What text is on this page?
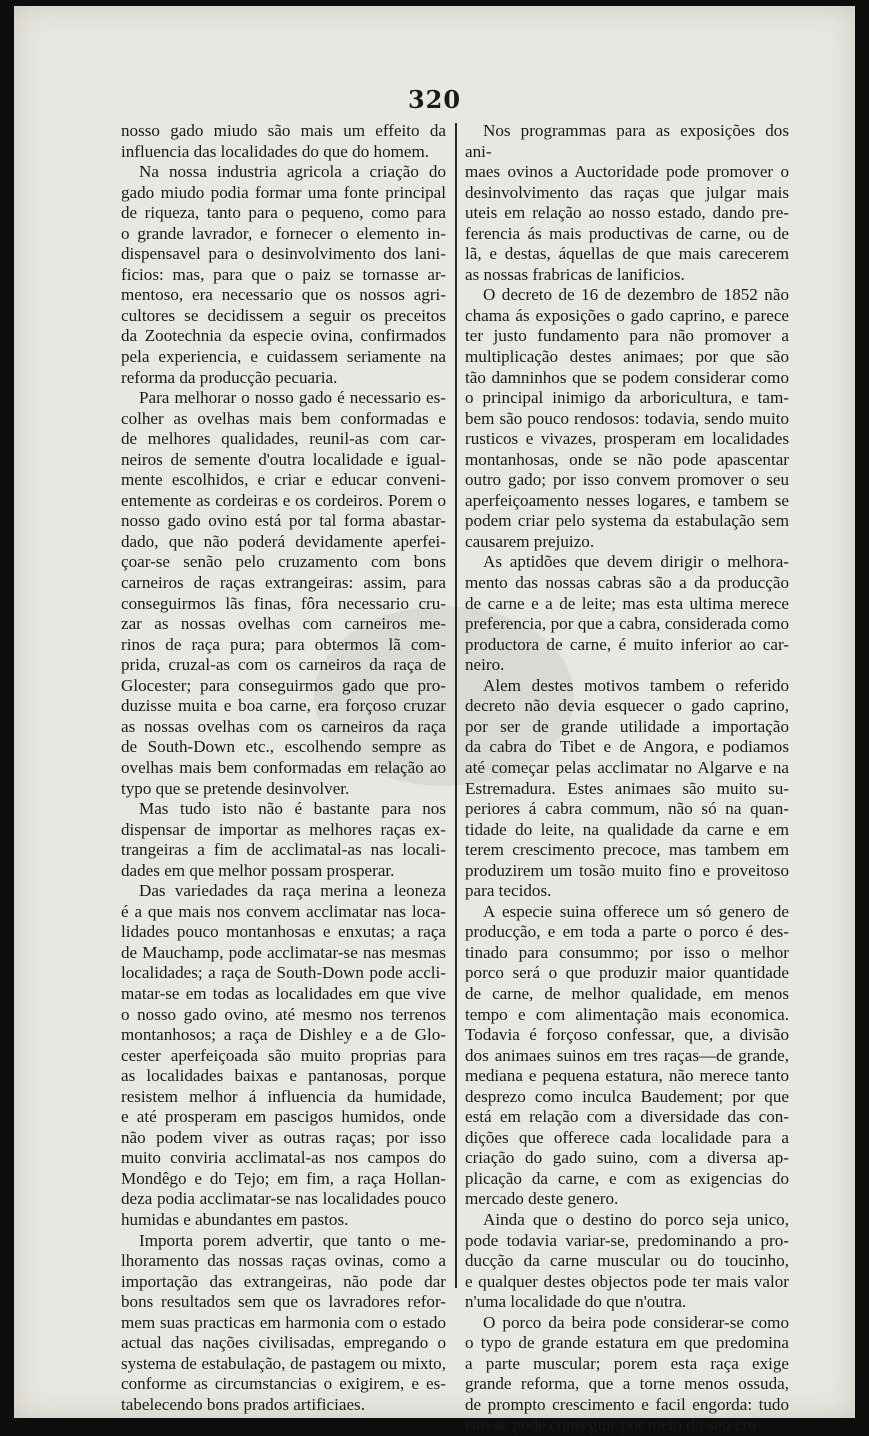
320
nosso gado miudo são mais um effeito da
influencia das localidades do que do homem.
Na nossa industria agricola a criação do
gado miudo podia formar uma fonte principal
de riqueza, tanto para o pequeno, como para
o grande lavrador, e fornecer o elemento in-
dispensavel para o desinvolvimento dos lani-
ficios: mas, para que o paiz se tornasse ar-
mentoso, era necessario que os nossos agri-
cultores se decidissem a seguir os preceitos
da Zootechnia da especie ovina, confirmados
pela experiencia, e cuidassem seriamente na
reforma da producção pecuaria.
Para melhorar o nosso gado é necessario es-
colher as ovelhas mais bem conformadas e
de melhores qualidades, reunil-as com car-
neiros de semente d'outra localidade e igual-
mente escolhidos, e criar e educar conveni-
entemente as cordeiras e os cordeiros. Porem o
nosso gado ovino está por tal forma abastar-
dado, que não poderá devidamente aperfei-
çoar-se senão pelo cruzamento com bons
carneiros de raças extrangeiras: assim, para
conseguirmos lãs finas, fôra necessario cru-
zar as nossas ovelhas com carneiros me-
rinos de raça pura; para obtermos lã com-
prida, cruzal-as com os carneiros da raça de
Glocester; para conseguirmos gado que pro-
duzisse muita e boa carne, era forçoso cruzar
as nossas ovelhas com os carneiros da raça
de South-Down etc., escolhendo sempre as
ovelhas mais bem conformadas em relação ao
typo que se pretende desinvolver.
Mas tudo isto não é bastante para nos
dispensar de importar as melhores raças ex-
trangeiras a fim de acclimatal-as nas locali-
dades em que melhor possam prosperar.
Das variedades da raça merina a leoneza
é a que mais nos convem acclimatar nas loca-
lidades pouco montanhosas e enxutas; a raça
de Mauchamp, pode acclimatar-se nas mesmas
localidades; a raça de South-Down pode accli-
matar-se em todas as localidades em que vive
o nosso gado ovino, até mesmo nos terrenos
montanhosos; a raça de Dishley e a de Glo-
cester aperfeiçoada são muito proprias para
as localidades baixas e pantanosas, porque
resistem melhor á influencia da humidade,
e até prosperam em pascigos humidos, onde
não podem viver as outras raças; por isso
muito conviria acclimatal-as nos campos do
Mondêgo e do Tejo; em fim, a raça Hollan-
deza podia acclimatar-se nas localidades pouco
humidas e abundantes em pastos.
Importa porem advertir, que tanto o me-
lhoramento das nossas raças ovinas, como a
importação das extrangeiras, não pode dar
bons resultados sem que os lavradores refor-
mem suas practicas em harmonia com o estado
actual das nações civilisadas, empregando o
systema de estabulação, de pastagem ou mixto,
conforme as circumstancias o exigirem, e es-
tabelecendo bons prados artificiaes.
Nos programmas para as exposições dos ani-
maes ovinos a Auctoridade pode promover o
desinvolvimento das raças que julgar mais
uteis em relação ao nosso estado, dando pre-
ferencia ás mais productivas de carne, ou de
lã, e destas, áquellas de que mais carecerem
as nossas frabricas de lanificios.
O decreto de 16 de dezembro de 1852 não
chama ás exposições o gado caprino, e parece
ter justo fundamento para não promover a
multiplicação destes animaes; por que são
tão damninhos que se podem considerar como
o principal inimigo da arboricultura, e tam-
bem são pouco rendosos: todavia, sendo muito
rusticos e vivazes, prosperam em localidades
montanhosas, onde se não pode apascentar
outro gado; por isso convem promover o seu
aperfeiçoamento nesses logares, e tambem se
podem criar pelo systema da estabulação sem
causarem prejuizo.
As aptidões que devem dirigir o melhora-
mento das nossas cabras são a da producção
de carne e a de leite; mas esta ultima merece
preferencia, por que a cabra, considerada como
productora de carne, é muito inferior ao car-
neiro.
Alem destes motivos tambem o referido
decreto não devia esquecer o gado caprino,
por ser de grande utilidade a importação
da cabra do Tibet e de Angora, e podiamos
até começar pelas acclimatar no Algarve e na
Estremadura. Estes animaes são muito su-
periores á cabra commum, não só na quan-
tidade do leite, na qualidade da carne e em
terem crescimento precoce, mas tambem em
produzirem um tosão muito fino e proveitoso
para tecidos.
A especie suina offerece um só genero de
producção, e em toda a parte o porco é des-
tinado para consummo; por isso o melhor
porco será o que produzir maior quantidade
de carne, de melhor qualidade, em menos
tempo e com alimentação mais economica.
Todavia é forçoso confessar, que, a divisão
dos animaes suinos em tres raças—de grande,
mediana e pequena estatura, não merece tanto
desprezo como inculca Baudement; por que
está em relação com a diversidade das con-
dições que offerece cada localidade para a
criação do gado suino, com a diversa ap-
plicação da carne, e com as exigencias do
mercado deste genero.
Ainda que o destino do porco seja unico,
pode todavia variar-se, predominando a pro-
ducção da carne muscular ou do toucinho,
e qualquer destes objectos pode ter mais valor
n'uma localidade do que n'outra.
O porco da beira pode considerar-se como
o typo de grande estatura em que predomina
a parte muscular; porem esta raça exige
grande reforma, que a torne menos ossuda,
de prompto crescimento e facil engorda: tudo
isto se pode conseguir por meio do seu cru-
